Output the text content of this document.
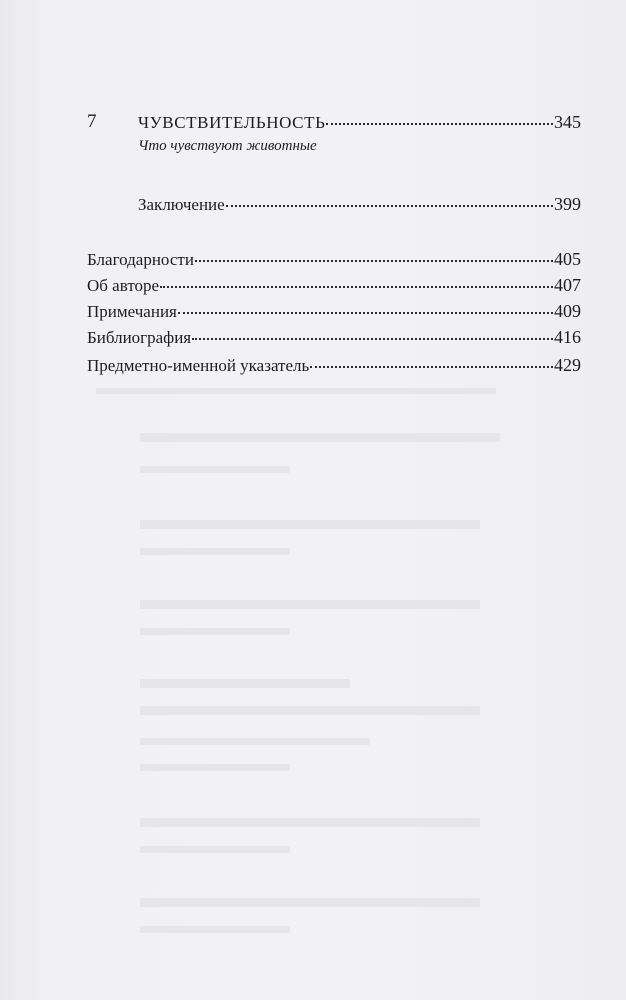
7 ЧУВСТВИТЕЛЬНОСТЬ	345
Что чувствуют животные
Заключение	399
Благодарности	405
Об авторе	407
Примечания	409
Библиография	416
Предметно-именной указатель	429
